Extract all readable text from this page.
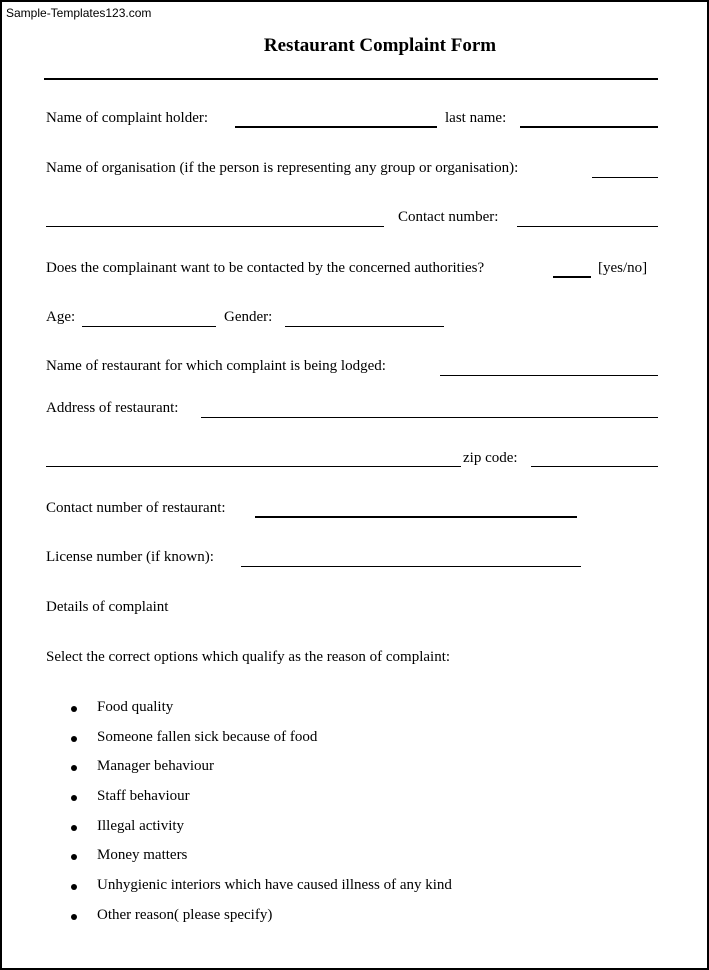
Sample-Templates123.com
Restaurant Complaint Form
Name of complaint holder:	last name:
Name of organisation (if the person is representing any group or organisation):
Contact number:
Does the complainant want to be contacted by the concerned authorities?	[yes/no]
Age:	Gender:
Name of restaurant for which complaint is being lodged:
Address of restaurant:
zip code:
Contact number of restaurant:
License number (if known):
Details of complaint
Select the correct options which qualify as the reason of complaint:
Food quality
Someone fallen sick because of food
Manager behaviour
Staff behaviour
Illegal activity
Money matters
Unhygienic interiors which have caused illness of any kind
Other reason( please specify)
